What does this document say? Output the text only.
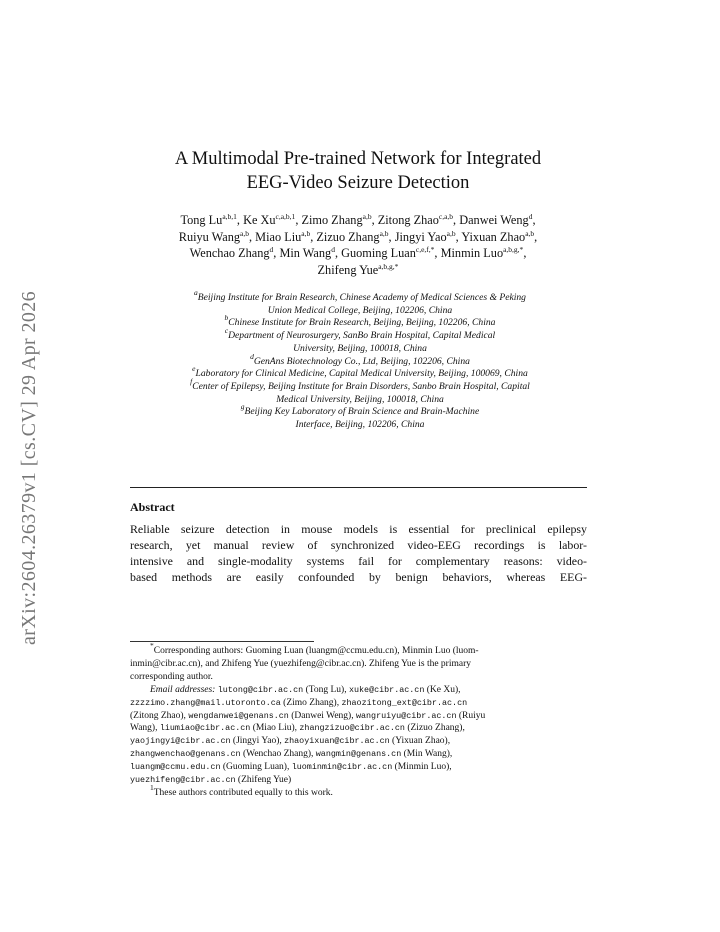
arXiv:2604.26379v1 [cs.CV] 29 Apr 2026
A Multimodal Pre-trained Network for Integrated
EEG-Video Seizure Detection
Tong Lu$^{a,b,1}$, Ke Xu$^{c,a,b,1}$, Zimo Zhang$^{a,b}$, Zitong Zhao$^{c,a,b}$, Danwei Weng$^d$,
Ruiyu Wang$^{a,b}$, Miao Liu$^{a,b}$, Zizuo Zhang$^{a,b}$, Jingyi Yao$^{a,b}$, Yixuan Zhao$^{a,b}$,
Wenchao Zhang$^d$, Min Wang$^d$, Guoming Luan$^{c,e,f,*}$, Minmin Luo$^{a,b,g,*}$,
Zhifeng Yue$^{a,b,g,*}$
$^a$Beijing Institute for Brain Research, Chinese Academy of Medical Sciences & Peking
Union Medical College, Beijing, 102206, China
$^b$Chinese Institute for Brain Research, Beijing, Beijing, 102206, China
$^c$Department of Neurosurgery, SanBo Brain Hospital, Capital Medical
University, Beijing, 100018, China
$^d$GenAns Biotechnology Co., Ltd, Beijing, 102206, China
$^e$Laboratory for Clinical Medicine, Capital Medical University, Beijing, 100069, China
$^f$Center of Epilepsy, Beijing Institute for Brain Disorders, Sanbo Brain Hospital, Capital
Medical University, Beijing, 100018, China
$^g$Beijing Key Laboratory of Brain Science and Brain-Machine
Interface, Beijing, 102206, China
Abstract
Reliable seizure detection in mouse models is essential for preclinical epilepsy
research, yet manual review of synchronized video-EEG recordings is labor-
intensive and single-modality systems fail for complementary reasons: video-
based methods are easily confounded by benign behaviors, whereas EEG-
*Corresponding authors: Guoming Luan (luangm@ccmu.edu.cn), Minmin Luo (luom-
inmin@cibr.ac.cn), and Zhifeng Yue (yuezhifeng@cibr.ac.cn). Zhifeng Yue is the primary
corresponding author.
Email addresses: lutong@cibr.ac.cn (Tong Lu), xuke@cibr.ac.cn (Ke Xu),
zzzzimo.zhang@mail.utoronto.ca (Zimo Zhang), zhaozitong_ext@cibr.ac.cn
(Zitong Zhao), wengdanwei@genans.cn (Danwei Weng), wangruiyu@cibr.ac.cn (Ruiyu
Wang), liumiao@cibr.ac.cn (Miao Liu), zhangzizuo@cibr.ac.cn (Zizuo Zhang),
yaojingyi@cibr.ac.cn (Jingyi Yao), zhaoyixuan@cibr.ac.cn (Yixuan Zhao),
zhangwenchao@genans.cn (Wenchao Zhang), wangmin@genans.cn (Min Wang),
luangm@ccmu.edu.cn (Guoming Luan), luominmin@cibr.ac.cn (Minmin Luo),
yuezhifeng@cibr.ac.cn (Zhifeng Yue)
$^1$These authors contributed equally to this work.
